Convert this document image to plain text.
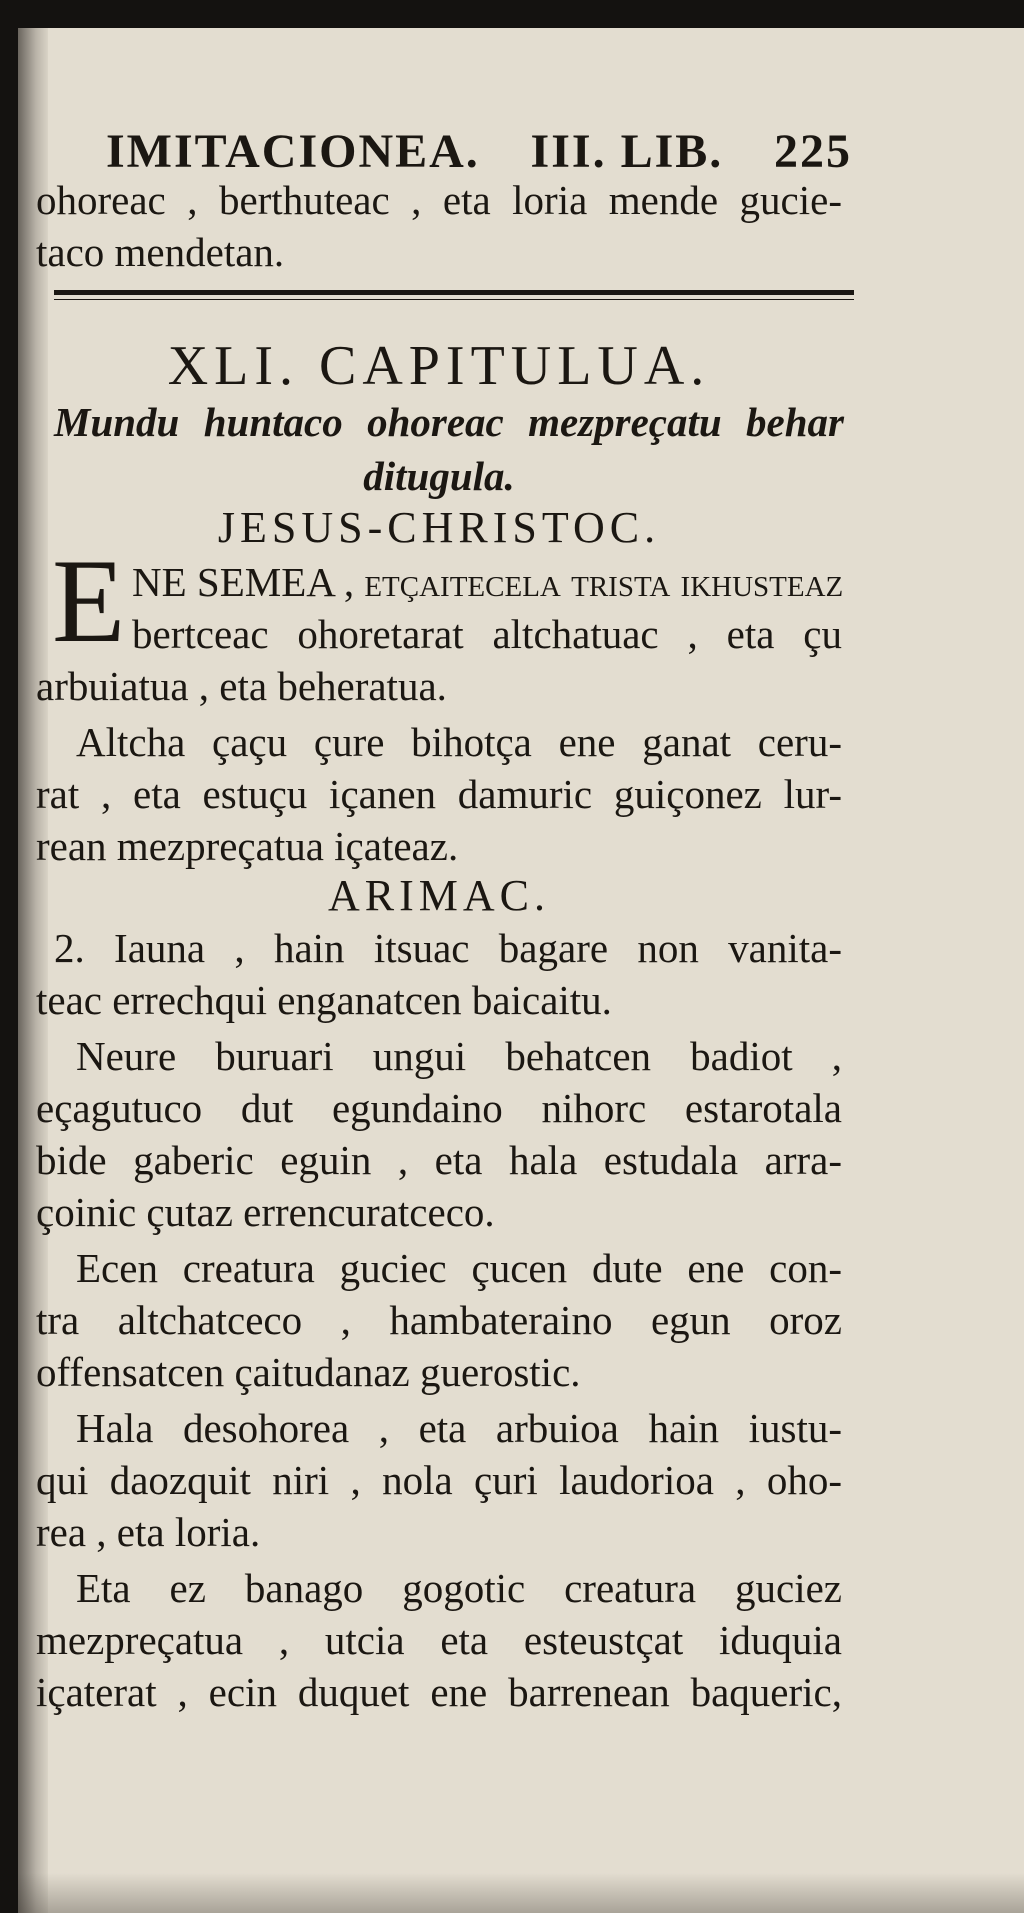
IMITACIONEA. III. LIB. 225
ohoreac , berthuteac , eta loria mende gucie-
taco mendetan.
XLI. CAPITULUA.
Mundu huntaco ohoreac mezpreçatu behar
ditugula.
JESUS-CHRISTOC.
E NE SEMEA , etçaitecela trista ikhusteaz
bertceac ohoretarat altchatuac , eta çu
arbuiatua , eta beheratua.
Altcha çaçu çure bihotça ene ganat ceru-
rat , eta estuçu içanen damuric guiçonez lur-
rean mezpreçatua içateaz.
ARIMAC.
2. Iauna , hain itsuac bagare non vanita-
teac errechqui enganatcen baicaitu.
Neure buruari ungui behatcen badiot ,
eçagutuco dut egundaino nihorc estarotala
bide gaberic eguin , eta hala estudala arra-
çoinic çutaz errencuratceco.
Ecen creatura guciec çucen dute ene con-
tra altchatceco , hambaterainо egun oroz
offensatcen çaitudanaz guerostic.
Hala desohorea , eta arbuioa hain iustu-
qui daozquit niri , nola çuri laudorioa , oho-
rea , eta loria.
Eta ez banago gogotic creatura guciez
mezpreçatua , utcia eta esteustçat iduquia
içaterat , ecin duquet ene barrenean baqueric,
